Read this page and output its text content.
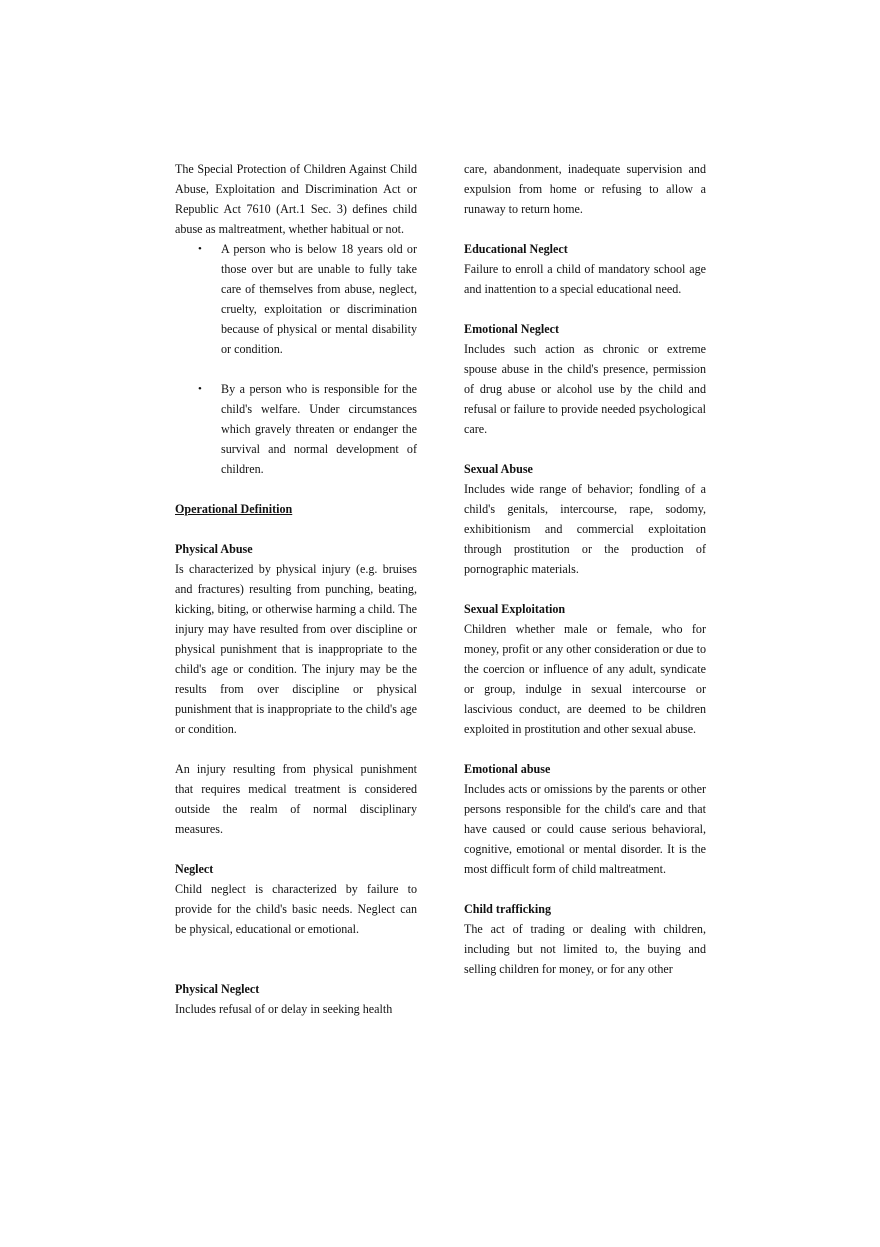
The Special Protection of Children Against Child Abuse, Exploitation and Discrimination Act or Republic Act 7610 (Art.1 Sec. 3) defines child abuse as maltreatment, whether habitual or not.

• A person who is below 18 years old or those over but are unable to fully take care of themselves from abuse, neglect, cruelty, exploitation or discrimination because of physical or mental disability or condition.
• By a person who is responsible for the child's welfare. Under circumstances which gravely threaten or endanger the survival and normal development of children.

Operational Definition

Physical Abuse

Is characterized by physical injury (e.g. bruises and fractures) resulting from punching, beating, kicking, biting, or otherwise harming a child. The injury may have resulted from over discipline or physical punishment that is inappropriate to the child's age or condition. The injury may be the results from over discipline or physical punishment that is inappropriate to the child's age or condition.

An injury resulting from physical punishment that requires medical treatment is considered outside the realm of normal disciplinary measures.

Neglect

Child neglect is characterized by failure to provide for the child's basic needs. Neglect can be physical, educational or emotional.

Physical Neglect

Includes refusal of or delay in seeking health

care, abandonment, inadequate supervision and expulsion from home or refusing to allow a runaway to return home.

Educational Neglect

Failure to enroll a child of mandatory school age and inattention to a special educational need.

Emotional Neglect

Includes such action as chronic or extreme spouse abuse in the child's presence, permission of drug abuse or alcohol use by the child and refusal or failure to provide needed psychological care.

Sexual Abuse

Includes wide range of behavior; fondling of a child's genitals, intercourse, rape, sodomy, exhibitionism and commercial exploitation through prostitution or the production of pornographic materials.

Sexual Exploitation

Children whether male or female, who for money, profit or any other consideration or due to the coercion or influence of any adult, syndicate or group, indulge in sexual intercourse or lascivious conduct, are deemed to be children exploited in prostitution and other sexual abuse.

Emotional abuse

Includes acts or omissions by the parents or other persons responsible for the child's care and that have caused or could cause serious behavioral, cognitive, emotional or mental disorder. It is the most difficult form of child maltreatment.

Child trafficking

The act of trading or dealing with children, including but not limited to, the buying and selling children for money, or for any other
